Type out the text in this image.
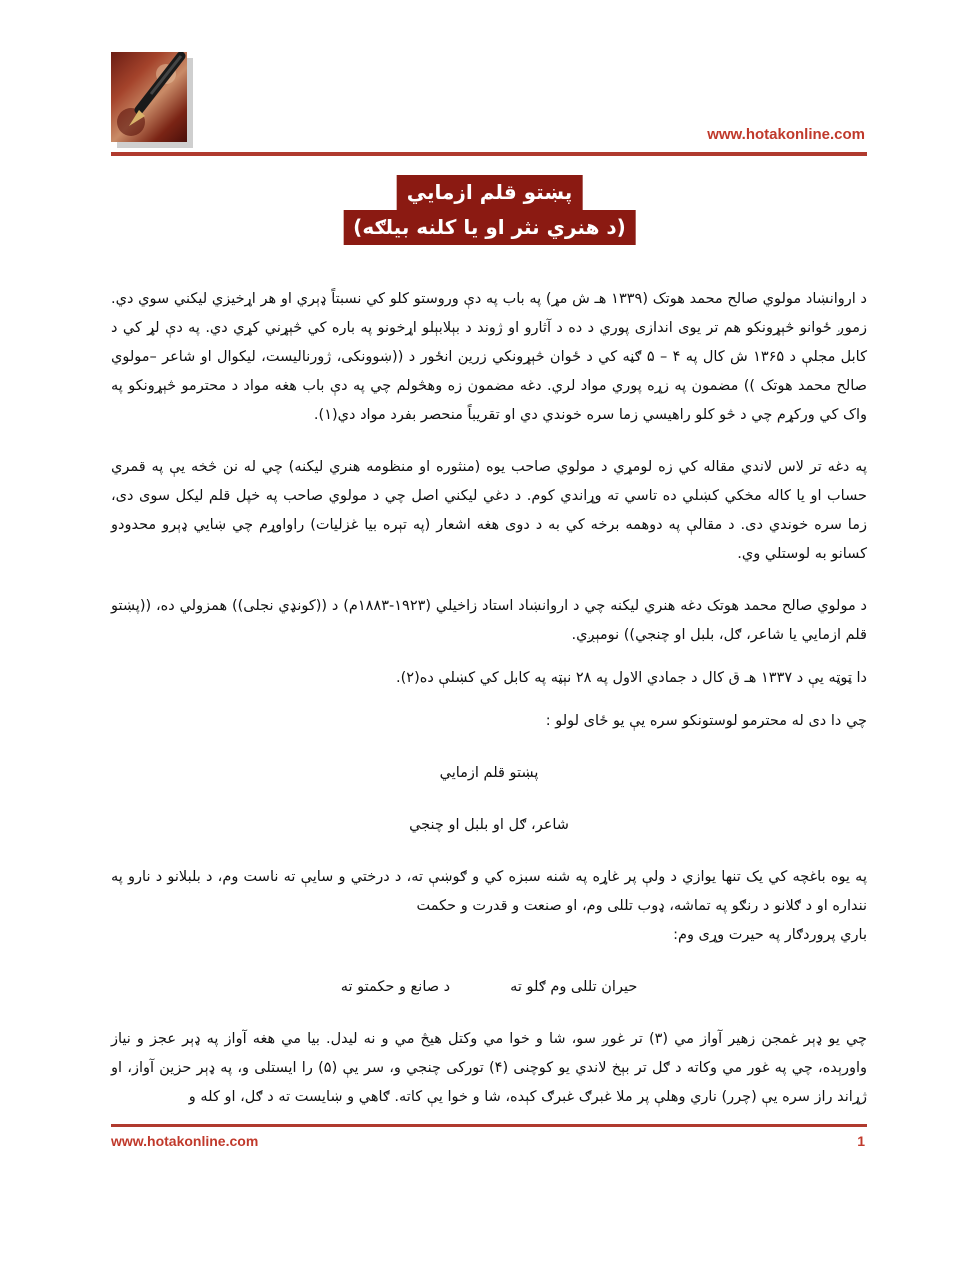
www.hotakonline.com
پښتو قلم ازمايي
(د هنري نثر او يا کلنه بيلګه)

د اروانښاد مولوي صالح محمد هوتک (۱۳۳۹ هـ ش مړ) په باب په دې وروستو کلو کي نسبتاً ډېري او هر اړخيزي ليکني سوي دي. زموږ ځوانو څېړونکو هم تر يوى اندازى پوري د ده د آثارو او ژوند د بېلابېلو اړخونو په باره کي څېړني کړي دي. په دې لړ کي د کابل مجلې د ۱۳۶۵ ش کال په ۴ – ۵ ګڼه کي د ځوان څېړونکي زرين انځور د ((ښوونکى، ژورناليست، ليکوال او شاعر –مولوي صالح محمد هوتک )) مضمون په زړه پوري مواد لري. دغه مضمون زه وهڅولم چي په دې باب هغه مواد د محترمو څېړونکو په واک کي ورکړم چي د څو کلو راهيسي زما سره خوندي دي او تقريباً منحصر بفرد مواد دي(۱).

په دغه تر لاس لاندي مقاله کي زه لومړي د مولوي صاحب يوه (منثوره او منظومه هنري ليکنه) چي له نن څخه يې په قمري حساب او يا کاله مخکي کښلي ده تاسي ته وړاندي کوم. د دغي ليکني اصل چي د مولوي صاحب په خپل قلم ليکل سوى دى، زما سره خوندي دى. د مقالې په دوهمه برخه کي به د دوى هغه اشعار (په تېره بيا غزليات) راواوړم چي ښايي ډېرو محدودو کسانو به لوستلي وي.

د مولوي صالح محمد هوتک دغه هنري ليکنه چي د اروانښاد استاد زاخيلي (۱۹۲۳-۱۸۸۳م) د ((کونډي نجلى)) همزولي ده، ((پښتو قلم ازمايي يا شاعر، ګل، بلبل او چنجي)) نومېږي.

دا ټوټه يې د ۱۳۳۷ هـ ق کال د جمادي الاول په ۲۸ نېټه په کابل کي کښلې ده(۲).

چي دا دى له محترمو لوستونکو سره يې يو ځاى لولو :

پښتو قلم ازمايي

شاعر، ګل او بلبل او چنجي

په يوه باغچه کي يک تنها يوازي د ولې پر غاړه په شنه سبزه کي و ګوښې ته، د درختي و سايې ته ناست وم، د بلبلانو د نارو په ننداره او د ګلانو د رنګو په تماشه، ډوب تللى وم، او صنعت و قدرت و حکمت

باري پروردګار په حيرت وړى وم:

حيران تللى وم ګلو ته
د صانع و حکمتو ته

چي يو ډېر غمجن زهير آواز مي (۳) تر غوږ سو، شا و خوا مي وکتل هيڅ مي و نه ليدل. بيا مي هغه آواز په ډېر عجز و نياز واورېده، چي په غور مي وکاته د ګل تر بېخ لاندي يو کوچنى (۴) تورکى چنجي و، سر يې (۵) را ايستلى و، په ډېر حزين آواز، او ژړاند راز سره يې (چرر) ناري وهلې پر ملا غبرګ غبرګ کېده، شا و خوا يې کاته. ګاهي و ښايست ته د ګل، او کله و

www.hotakonline.com	1
